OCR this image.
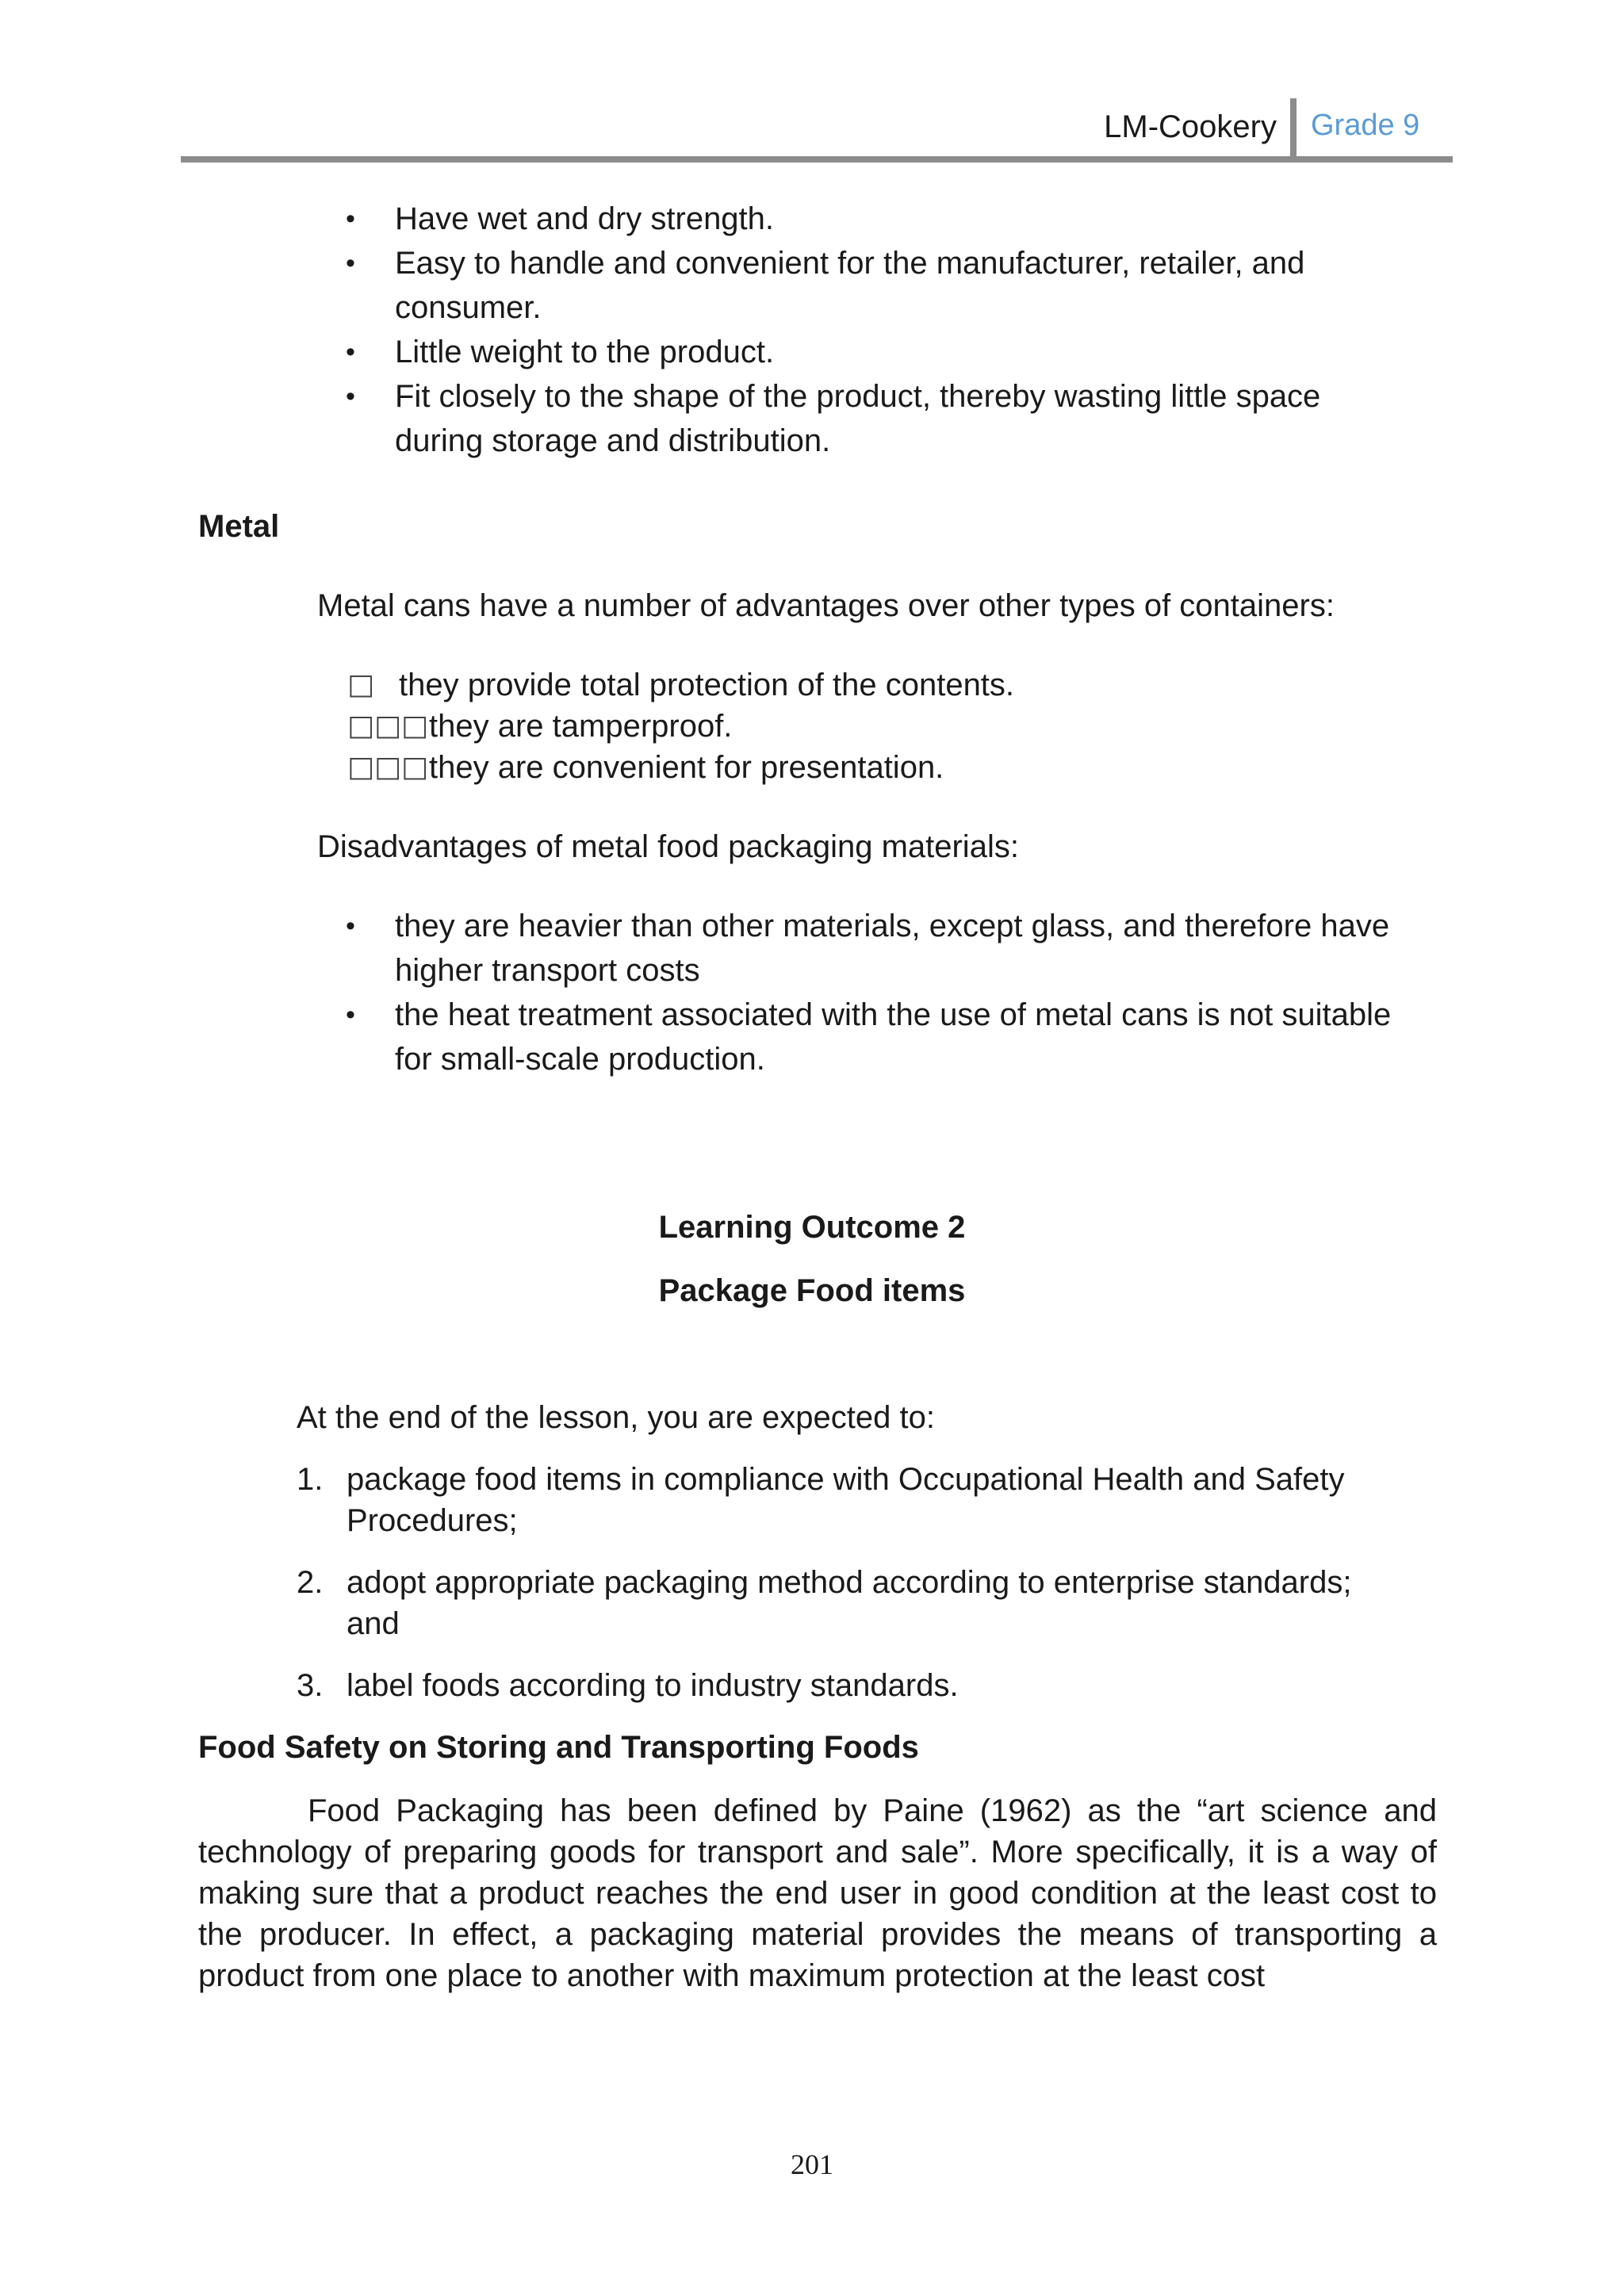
LM-Cookery Grade 9
• Have wet and dry strength.
• Easy to handle and convenient for the manufacturer, retailer, and
consumer.
• Little weight to the product.
• Fit closely to the shape of the product, thereby wasting little space
during storage and distribution.
Metal
Metal cans have a number of advantages over other types of containers:
□ they provide total protection of the contents.
□□□ they are tamperproof.
□□□ they are convenient for presentation.
Disadvantages of metal food packaging materials:
• they are heavier than other materials, except glass, and therefore have
higher transport costs
• the heat treatment associated with the use of metal cans is not suitable
for small-scale production.
Learning Outcome 2
Package Food items
At the end of the lesson, you are expected to:
1. package food items in compliance with Occupational Health and Safety
Procedures;
2. adopt appropriate packaging method according to enterprise standards;
and
3. label foods according to industry standards.
Food Safety on Storing and Transporting Foods
Food Packaging has been defined by Paine (1962) as the “art science and technology of preparing goods for transport and sale”. More specifically, it is a way of making sure that a product reaches the end user in good condition at the least cost to the producer. In effect, a packaging material provides the means of transporting a product from one place to another with maximum protection at the least cost
201
